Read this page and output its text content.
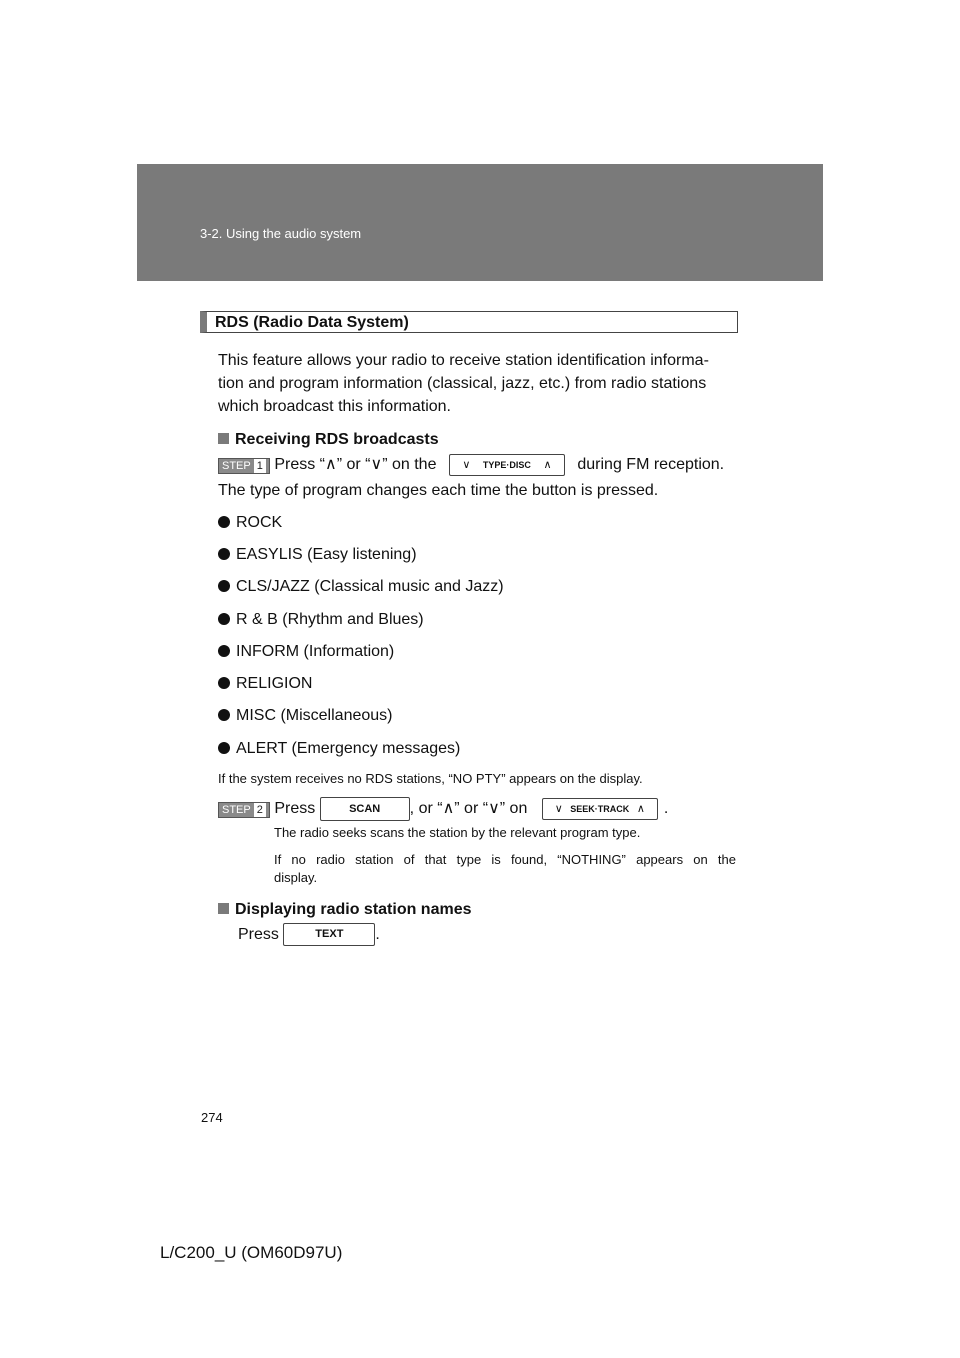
3-2. Using the audio system
RDS (Radio Data System)
This feature allows your radio to receive station identification informa-
tion and program information (classical, jazz, etc.) from radio stations
which broadcast this information.
Receiving RDS broadcasts
STEP 1 Press “∧” or “∨” on the ∨ TYPE·DISC ∧ during FM reception.
The type of program changes each time the button is pressed.
ROCK
EASYLIS (Easy listening)
CLS/JAZZ (Classical music and Jazz)
R & B (Rhythm and Blues)
INFORM (Information)
RELIGION
MISC (Miscellaneous)
ALERT (Emergency messages)
If the system receives no RDS stations, “NO PTY” appears on the display.
STEP 2 Press	SCAN , or “∧” or “∨” on ∨ SEEK·TRACK ∧ .
The radio seeks scans the station by the relevant program type.
If no radio station of that type is found, “NOTHING” appears on the
display.
Displaying radio station names
Press	TEXT .
274
L/C200_U (OM60D97U)
